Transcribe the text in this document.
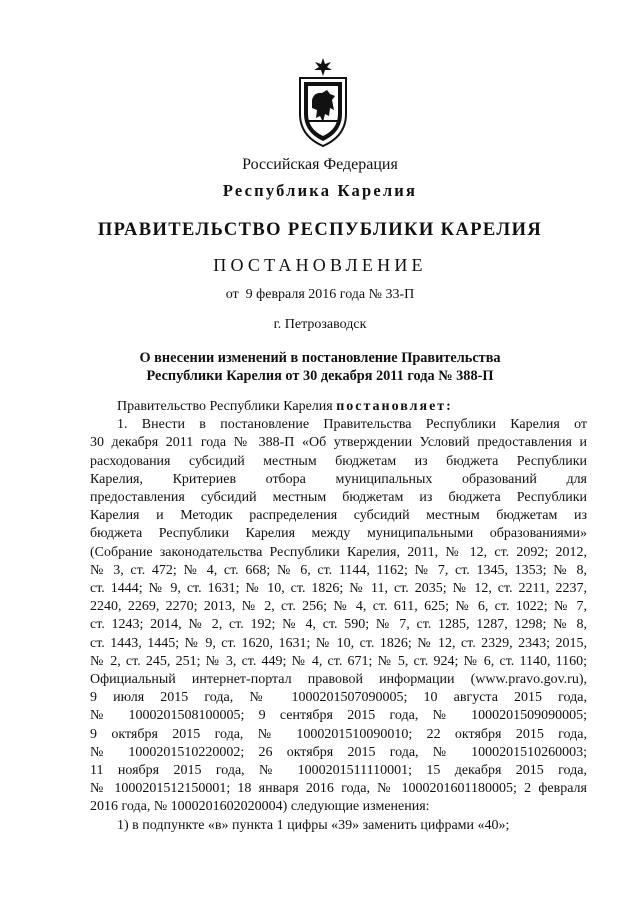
Российская Федерация
Республика Карелия
ПРАВИТЕЛЬСТВО РЕСПУБЛИКИ КАРЕЛИЯ
ПОСТАНОВЛЕНИЕ
от  9 февраля 2016 года № 33-П
г. Петрозаводск
О внесении изменений в постановление Правительства
Республики Карелия от 30 декабря 2011 года № 388-П
Правительство Республики Карелия постановляет:
1. Внести в постановление Правительства Республики Карелия от
30 декабря 2011 года № 388-П «Об утверждении Условий предоставления и
расходования субсидий местным бюджетам из бюджета Республики
Карелия, Критериев отбора муниципальных образований для
предоставления субсидий местным бюджетам из бюджета Республики
Карелия и Методик распределения субсидий местным бюджетам из
бюджета Республики Карелия между муниципальными образованиями»
(Собрание законодательства Республики Карелия, 2011, № 12, ст. 2092; 2012,
№ 3, ст. 472; № 4, ст. 668; № 6, ст. 1144, 1162; № 7, ст. 1345, 1353; № 8,
ст. 1444; № 9, ст. 1631; № 10, ст. 1826; № 11, ст. 2035; № 12, ст. 2211, 2237,
2240, 2269, 2270; 2013, № 2, ст. 256; № 4, ст. 611, 625; № 6, ст. 1022; № 7,
ст. 1243; 2014, № 2, ст. 192; № 4, ст. 590; № 7, ст. 1285, 1287, 1298; № 8,
ст. 1443, 1445; № 9, ст. 1620, 1631; № 10, ст. 1826; № 12, ст. 2329, 2343; 2015,
№ 2, ст. 245, 251; № 3, ст. 449; № 4, ст. 671; № 5, ст. 924; № 6, ст. 1140, 1160;
Официальный интернет-портал правовой информации (www.pravo.gov.ru),
9 июля 2015 года, № 1000201507090005; 10 августа 2015 года,
№ 1000201508100005; 9 сентября 2015 года, № 1000201509090005;
9 октября 2015 года, № 1000201510090010; 22 октября 2015 года,
№ 1000201510220002; 26 октября 2015 года, № 1000201510260003;
11 ноября 2015 года, № 1000201511110001; 15 декабря 2015 года,
№ 1000201512150001; 18 января 2016 года, № 1000201601180005; 2 февраля
2016 года, № 1000201602020004) следующие изменения:
1) в подпункте «в» пункта 1 цифры «39» заменить цифрами «40»;
